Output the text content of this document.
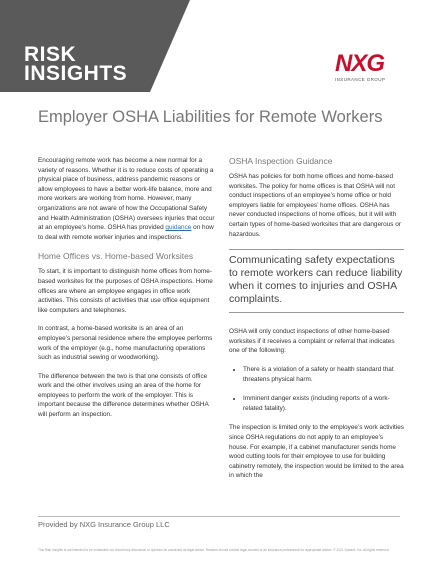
RISK
INSIGHTS	NXG
INSURANCE GROUP
Employer OSHA Liabilities for Remote Workers

Encouraging remote work has become a new normal for a variety of reasons. Whether it is to reduce costs of operating a physical place of business, address pandemic reasons or allow employees to have a better work-life balance, more and more workers are working from home. However, many organizations are not aware of how the Occupational Safety and Health Administration (OSHA) oversees injuries that occur at an employee’s home. OSHA has provided guidance on how to deal with remote worker injuries and inspections.

Home Offices vs. Home-based Worksites

To start, it is important to distinguish home offices from home-based worksites for the purposes of OSHA inspections. Home offices are where an employee engages in office work activities. This consists of activities that use office equipment like computers and telephones.

In contrast, a home-based worksite is an area of an employee’s personal residence where the employee performs work of the employer (e.g., home manufacturing operations such as industrial sewing or woodworking).

The difference between the two is that one consists of office work and the other involves using an area of the home for employees to perform the work of the employer. This is important because the difference determines whether OSHA will perform an inspection.

OSHA Inspection Guidance

OSHA has policies for both home offices and home-based worksites. The policy for home offices is that OSHA will not conduct inspections of an employee’s home office or hold employers liable for employees’ home offices. OSHA has never conducted inspections of home offices, but it will with certain types of home-based worksites that are dangerous or hazardous.

Communicating safety expectations to remote workers can reduce liability when it comes to injuries and OSHA complaints.

OSHA will only conduct inspections of other home-based worksites if it receives a complaint or referral that indicates one of the following:

• There is a violation of a safety or health standard that threatens physical harm.
• Imminent danger exists (including reports of a work-related fatality).

The inspection is limited only to the employee’s work activities since OSHA regulations do not apply to an employee’s house. For example, if a cabinet manufacturer sends home wood cutting tools for their employee to use for building cabinetry remotely, the inspection would be limited to the area in which the

Provided by NXG Insurance Group LLC
This Risk Insights is not intended to be exhaustive nor should any discussion or opinions be construed as legal advice. Readers should contact legal counsel or an insurance professional for appropriate advice. © 2021 Zywave, Inc. All rights reserved.
